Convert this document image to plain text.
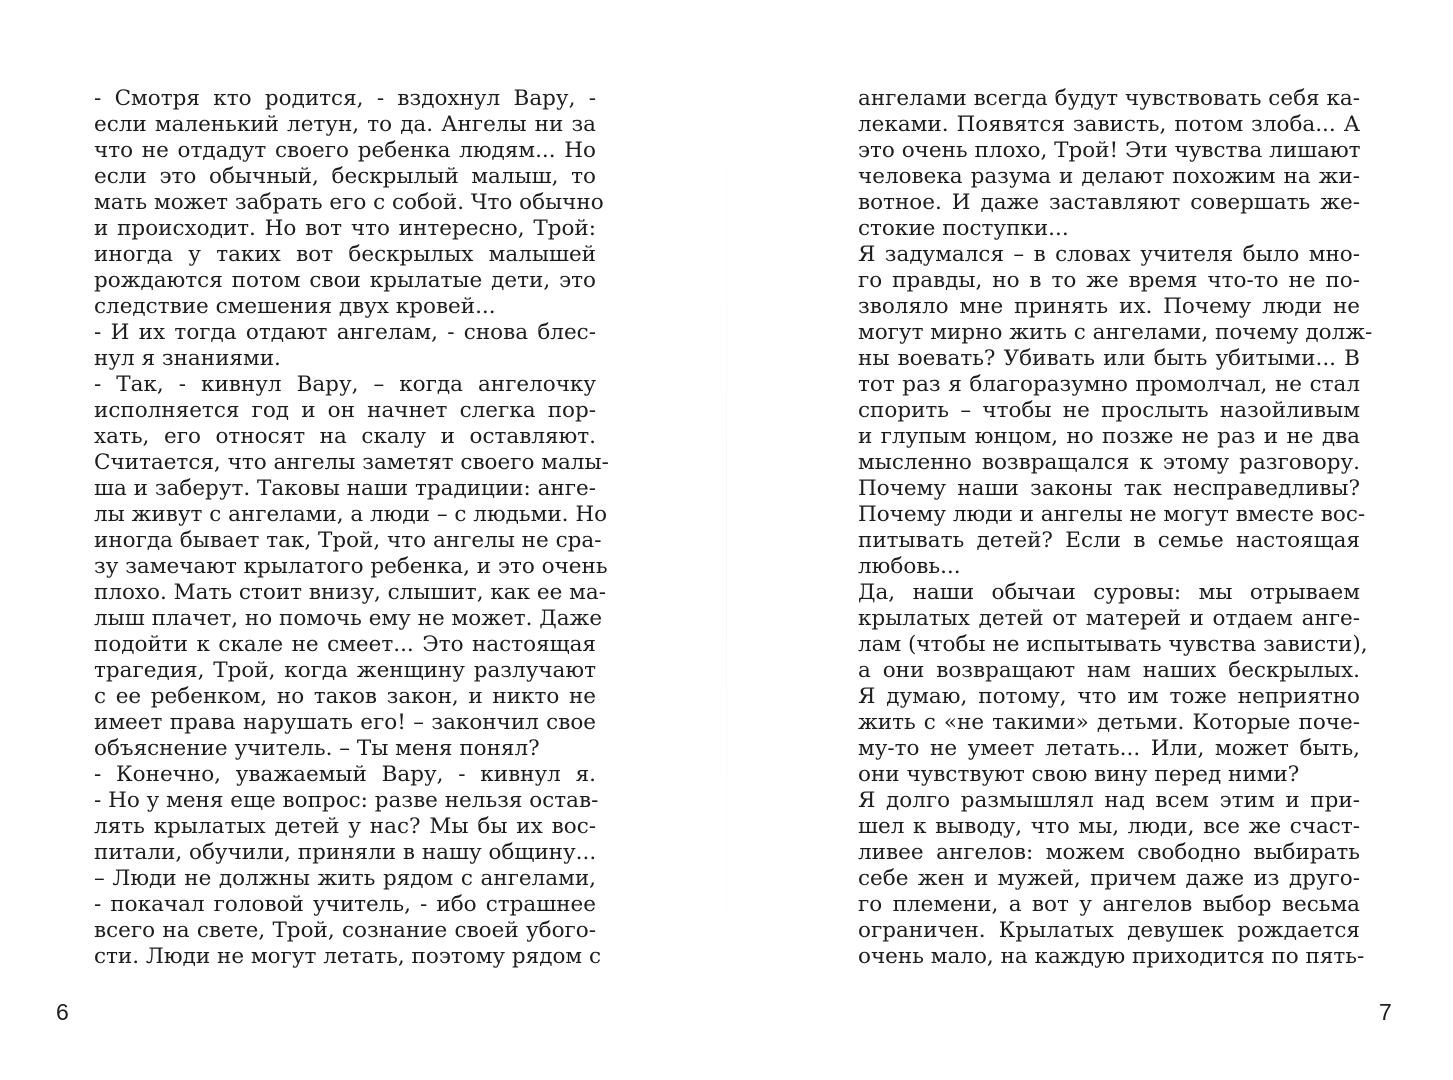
- Смотря кто родится, - вздохнул Вару, -
если маленький летун, то да. Ангелы ни за
что не отдадут своего ребенка людям... Но
если это обычный, бескрылый малыш, то
мать может забрать его с собой. Что обычно
и происходит. Но вот что интересно, Трой:
иногда у таких вот бескрылых малышей
рождаются потом свои крылатые дети, это
следствие смешения двух кровей...
- И их тогда отдают ангелам, - снова блес-
нул я знаниями.
- Так, - кивнул Вару, – когда ангелочку
исполняется год и он начнет слегка пор-
хать, его относят на скалу и оставляют.
Считается, что ангелы заметят своего малы-
ша и заберут. Таковы наши традиции: анге-
лы живут с ангелами, а люди – с людьми. Но
иногда бывает так, Трой, что ангелы не сра-
зу замечают крылатого ребенка, и это очень
плохо. Мать стоит внизу, слышит, как ее ма-
лыш плачет, но помочь ему не может. Даже
подойти к скале не смеет... Это настоящая
трагедия, Трой, когда женщину разлучают
с ее ребенком, но таков закон, и никто не
имеет права нарушать его! – закончил свое
объяснение учитель. – Ты меня понял?
- Конечно, уважаемый Вару, - кивнул я.
- Но у меня еще вопрос: разве нельзя остав-
лять крылатых детей у нас? Мы бы их вос-
питали, обучили, приняли в нашу общину...
– Люди не должны жить рядом с ангелами,
- покачал головой учитель, - ибо страшнее
всего на свете, Трой, сознание своей убого-
сти. Люди не могут летать, поэтому рядом с
6
ангелами всегда будут чувствовать себя ка-
леками. Появятся зависть, потом злоба... А
это очень плохо, Трой! Эти чувства лишают
человека разума и делают похожим на жи-
вотное. И даже заставляют совершать же-
стокие поступки...
Я задумался – в словах учителя было мно-
го правды, но в то же время что-то не по-
зволяло мне принять их. Почему люди не
могут мирно жить с ангелами, почему долж-
ны воевать? Убивать или быть убитыми... В
тот раз я благоразумно промолчал, не стал
спорить – чтобы не прослыть назойливым
и глупым юнцом, но позже не раз и не два
мысленно возвращался к этому разговору.
Почему наши законы так несправедливы?
Почему люди и ангелы не могут вместе вос-
питывать детей? Если в семье настоящая
любовь...
Да, наши обычаи суровы: мы отрываем
крылатых детей от матерей и отдаем анге-
лам (чтобы не испытывать чувства зависти),
а они возвращают нам наших бескрылых.
Я думаю, потому, что им тоже неприятно
жить с «не такими» детьми. Которые поче-
му-то не умеет летать... Или, может быть,
они чувствуют свою вину перед ними?
Я долго размышлял над всем этим и при-
шел к выводу, что мы, люди, все же счаст-
ливее ангелов: можем свободно выбирать
себе жен и мужей, причем даже из друго-
го племени, а вот у ангелов выбор весьма
ограничен. Крылатых девушек рождается
очень мало, на каждую приходится по пять-
7
